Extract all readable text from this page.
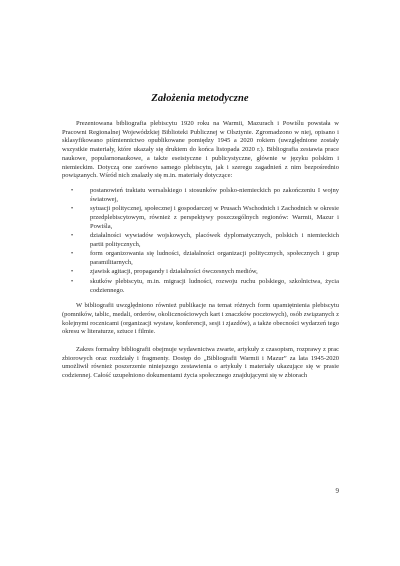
Założenia metodyczne

Prezentowana bibliografia plebiscytu 1920 roku na Warmii, Mazurach i Powiślu powstała w Pracowni Regionalnej Wojewódzkiej Biblioteki Publicznej w Olsztynie. Zgromadzono w niej, opisano i sklasyfikowano piśmiennictwo opublikowane pomiędzy 1945 a 2020 rokiem (uwzględnione zostały wszystkie materiały, które ukazały się drukiem do końca listopada 2020 r.). Bibliografia zestawia prace naukowe, popularnonaukowe, a także eseistyczne i publicystyczne, głównie w języku polskim i niemieckim. Dotyczą one zarówno samego plebiscytu, jak i szeregu zagadnień z nim bezpośrednio powiązanych. Wśród nich znalazły się m.in. materiały dotyczące:

•	postanowień traktatu wersalskiego i stosunków polsko-niemieckich po zakończeniu I wojny światowej,
•	sytuacji politycznej, społecznej i gospodarczej w Prusach Wschodnich i Zachodnich w okresie przedplebiscytowym, również z perspektywy poszczególnych regionów: Warmii, Mazur i Powiśla,
•	działalności wywiadów wojskowych, placówek dyplomatycznych, polskich i niemieckich partii politycznych,
•	form organizowania się ludności, działalności organizacji politycznych, społecznych i grup paramilitarnych,
•	zjawisk agitacji, propagandy i działalności ówczesnych mediów,
•	skutków plebiscytu, m.in. migracji ludności, rozwoju ruchu polskiego, szkolnictwa, życia codziennego.

W bibliografii uwzględniono również publikacje na temat różnych form upamiętnienia plebiscytu (pomników, tablic, medali, orderów, okolicznościowych kart i znaczków pocztowych), osób związanych z kolejnymi rocznicami (organizacji wystaw, konferencji, sesji i zjazdów), a także obecności wydarzeń tego okresu w literaturze, sztuce i filmie.

Zakres formalny bibliografii obejmuje wydawnictwa zwarte, artykuły z czasopism, rozprawy z prac zbiorowych oraz rozdziały i fragmenty. Dostęp do „Bibliografii Warmii i Mazur” za lata 1945-2020 umożliwił również poszerzenie niniejszego zestawienia o artykuły i materiały ukazujące się w prasie codziennej. Całość uzupełniono dokumentami życia społecznego znajdującymi się w zbiorach

9
